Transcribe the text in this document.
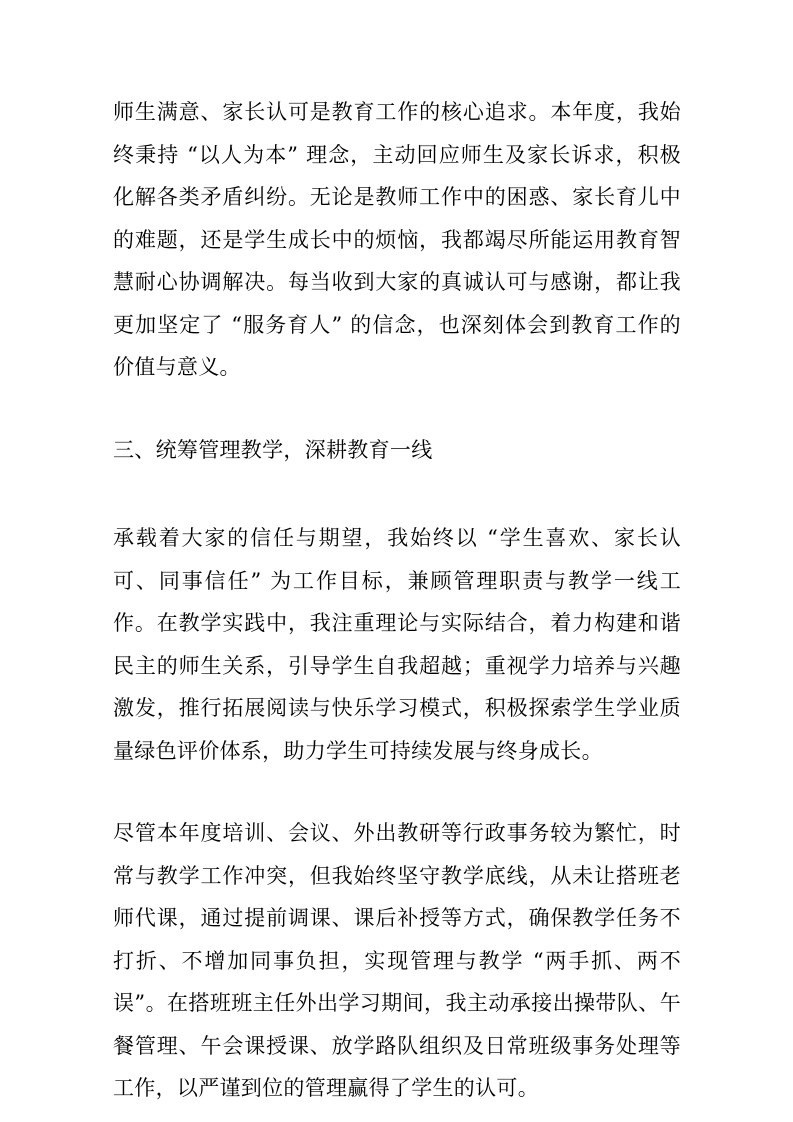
师生满意、家长认可是教育工作的核心追求。本年度，我始终秉持 “以人为本” 理念，主动回应师生及家长诉求，积极化解各类矛盾纠纷。无论是教师工作中的困惑、家长育儿中的难题，还是学生成长中的烦恼，我都竭尽所能运用教育智慧耐心协调解决。每当收到大家的真诚认可与感谢，都让我更加坚定了 “服务育人” 的信念，也深刻体会到教育工作的价值与意义。

三、统筹管理教学，深耕教育一线

承载着大家的信任与期望，我始终以 “学生喜欢、家长认可、同事信任” 为工作目标，兼顾管理职责与教学一线工作。在教学实践中，我注重理论与实际结合，着力构建和谐民主的师生关系，引导学生自我超越；重视学力培养与兴趣激发，推行拓展阅读与快乐学习模式，积极探索学生学业质量绿色评价体系，助力学生可持续发展与终身成长。

尽管本年度培训、会议、外出教研等行政事务较为繁忙，时常与教学工作冲突，但我始终坚守教学底线，从未让搭班老师代课，通过提前调课、课后补授等方式，确保教学任务不打折、不增加同事负担，实现管理与教学 “两手抓、两不误”。在搭班班主任外出学习期间，我主动承接出操带队、午餐管理、午会课授课、放学路队组织及日常班级事务处理等工作，以严谨到位的管理赢得了学生的认可。
